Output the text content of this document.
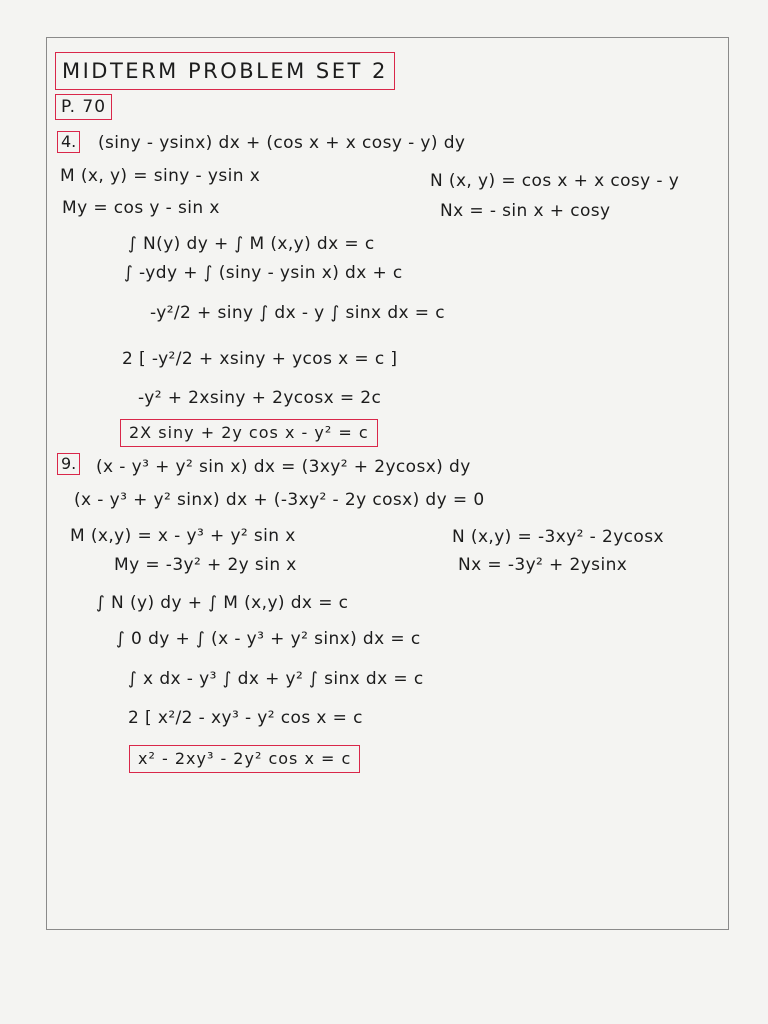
MIDTERM PROBLEM SET 2
P. 70
4. (siny - ysinx) dx + (cos x + x cosy - y) dy
M (x, y) = siny - ysin x	N (x, y) = cos x + x cosy - y
My = cos y - sin x	Nx = - sin x + cosy
∫ N(y) dy + ∫ M (x,y) dx = c
∫ -ydy + ∫ (siny - ysin x) dx + c
-y²/2 + siny ∫ dx - y ∫ sinx dx = c
2 [ -y²/2 + xsiny + ycos x = c ]
-y² + 2xsiny + 2ycosx = 2c
2X siny + 2y cos x - y² = c
9. (x - y³ + y² sin x) dx = (3xy² + 2ycosx) dy
(x - y³ + y² sinx) dx + (-3xy² - 2y cosx) dy = 0
M (x,y) = x - y³ + y² sin x	N (x,y) = -3xy² - 2ycosx
My = -3y² + 2y sin x	Nx = -3y² + 2ysinx
∫ N (y) dy + ∫ M (x,y) dx = c
∫ 0 dy + ∫ (x - y³ + y² sinx) dx = c
∫ x dx - y³ ∫ dx + y² ∫ sinx dx = c
2 [ x²/2 - xy³ - y² cos x = c
x² - 2xy³ - 2y² cos x = c
